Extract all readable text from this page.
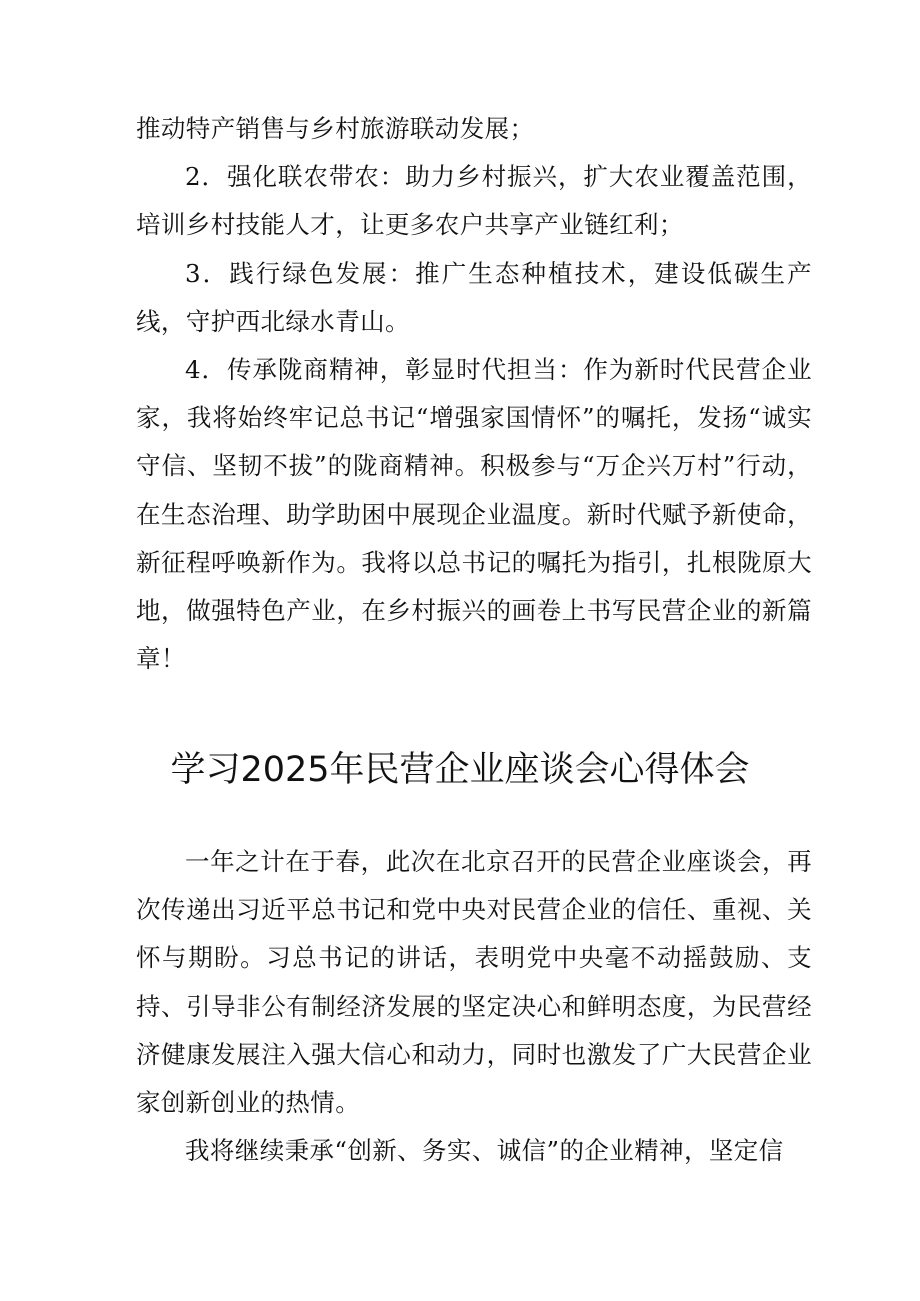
推动特产销售与乡村旅游联动发展；

2．强化联农带农：助力乡村振兴，扩大农业覆盖范围，培训乡村技能人才，让更多农户共享产业链红利；

3．践行绿色发展：推广生态种植技术，建设低碳生产线，守护西北绿水青山。

4．传承陇商精神，彰显时代担当：作为新时代民营企业家，我将始终牢记总书记“增强家国情怀”的嘱托，发扬“诚实守信、坚韧不拔”的陇商精神。积极参与“万企兴万村”行动，在生态治理、助学助困中展现企业温度。新时代赋予新使命，新征程呼唤新作为。我将以总书记的嘱托为指引，扎根陇原大地，做强特色产业，在乡村振兴的画卷上书写民营企业的新篇章！

学习2025年民营企业座谈会心得体会

一年之计在于春，此次在北京召开的民营企业座谈会，再次传递出习近平总书记和党中央对民营企业的信任、重视、关怀与期盼。习总书记的讲话，表明党中央毫不动摇鼓励、支持、引导非公有制经济发展的坚定决心和鲜明态度，为民营经济健康发展注入强大信心和动力，同时也激发了广大民营企业家创新创业的热情。

我将继续秉承“创新、务实、诚信”的企业精神，坚定信
